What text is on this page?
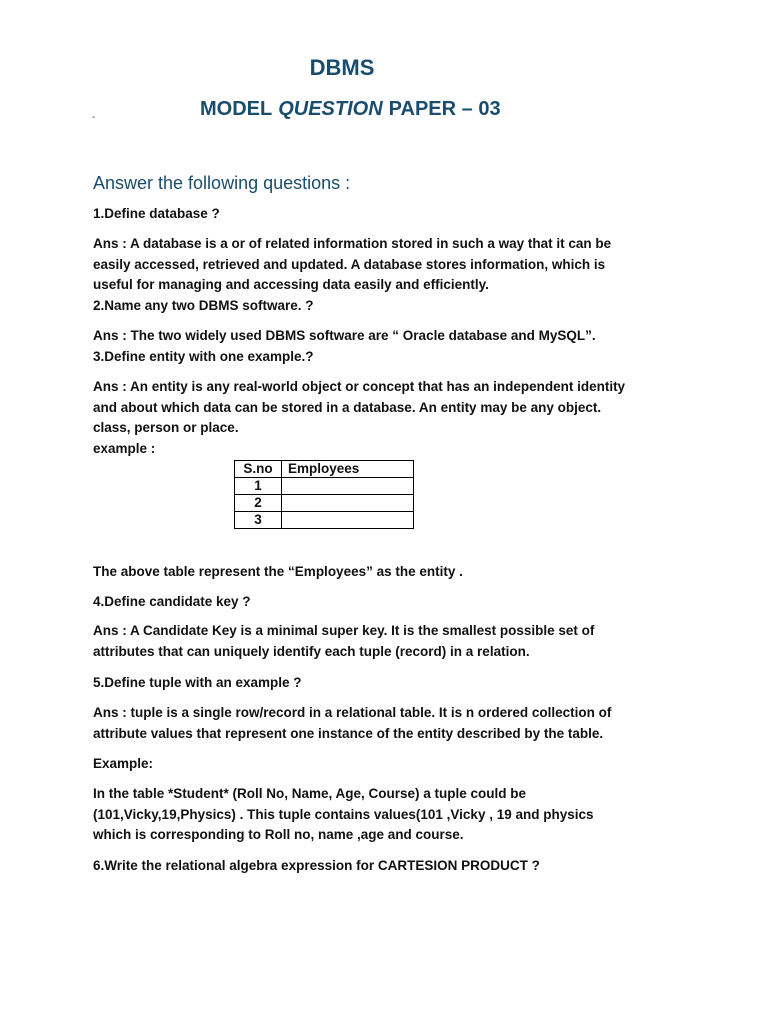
DBMS
MODEL QUESTION PAPER – 03
-
Answer the following questions :

1.Define database ?

Ans : A database is a or of related information stored in such a way that it can be
easily accessed, retrieved and updated. A database stores information, which is
useful for managing and accessing data easily and efficiently.
2.Name any two DBMS software. ?
Ans : The two widely used DBMS software are “ Oracle database and MySQL”.
3.Define entity with one example.?
Ans : An entity is any real-world object or concept that has an independent identity
and about which data can be stored in a database. An entity may be any object.
class, person or place.
example :
S.no	Employees
1	
2	
3	

The above table represent the “Employees” as the entity .

4.Define candidate key ?

Ans : A Candidate Key is a minimal super key. It is the smallest possible set of
attributes that can uniquely identify each tuple (record) in a relation.

5.Define tuple with an example ?

Ans : tuple is a single row/record in a relational table. It is n ordered collection of
attribute values that represent one instance of the entity described by the table.

Example:

In the table *Student* (Roll No, Name, Age, Course) a tuple could be
(101,Vicky,19,Physics) . This tuple contains values(101 ,Vicky , 19 and physics
which is corresponding to Roll no, name ,age and course.

6.Write the relational algebra expression for CARTESION PRODUCT ?
